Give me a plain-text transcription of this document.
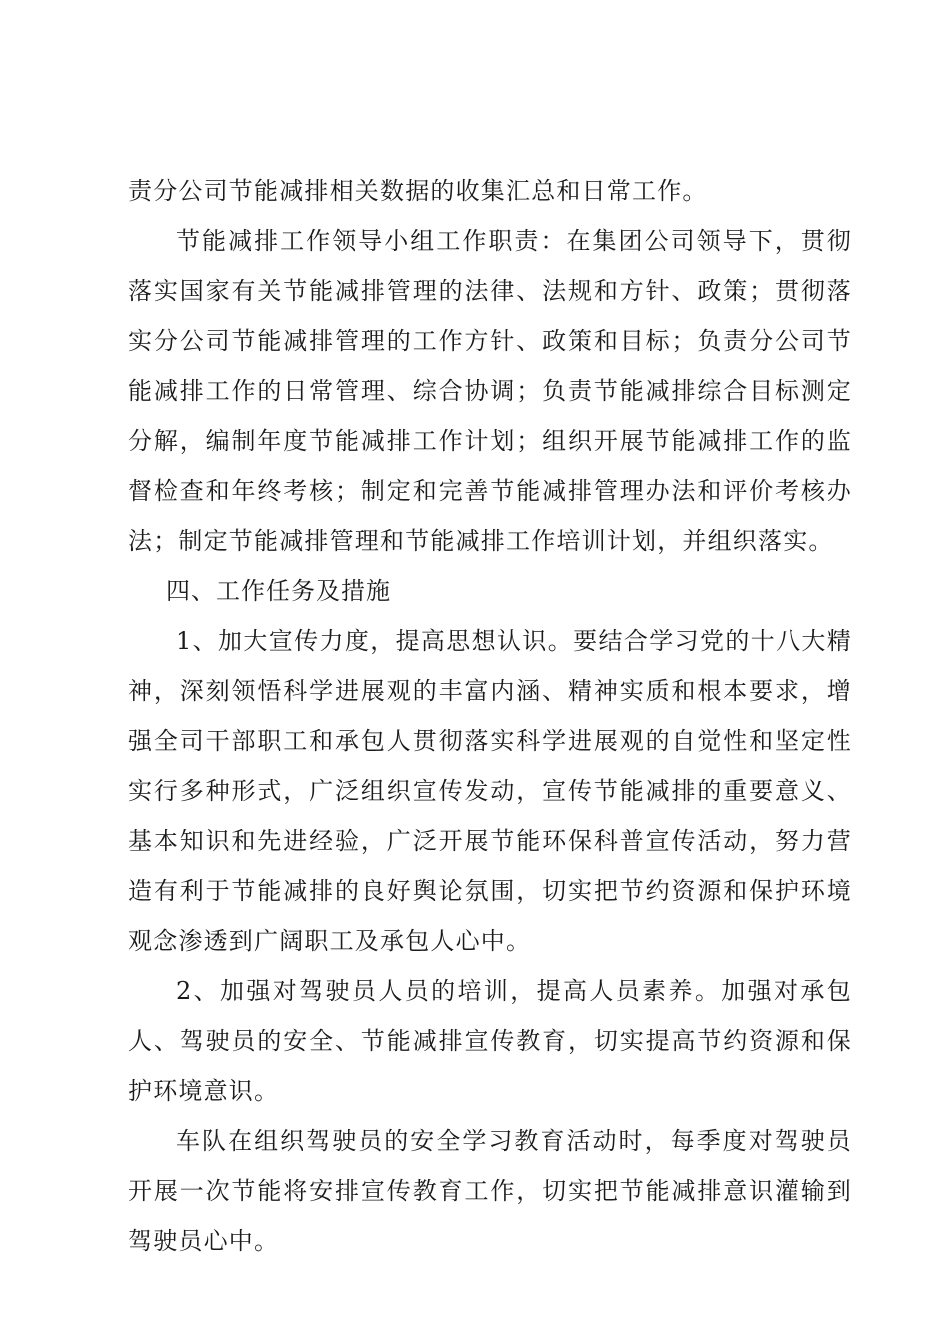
责分公司节能减排相关数据的收集汇总和日常工作。

节能减排工作领导小组工作职责：在集团公司领导下，贯彻落实国家有关节能减排管理的法律、法规和方针、政策；贯彻落实分公司节能减排管理的工作方针、政策和目标；负责分公司节能减排工作的日常管理、综合协调；负责节能减排综合目标测定分解，编制年度节能减排工作计划；组织开展节能减排工作的监督检查和年终考核；制定和完善节能减排管理办法和评价考核办法；制定节能减排管理和节能减排工作培训计划，并组织落实。

四、工作任务及措施

1、加大宣传力度，提高思想认识。要结合学习党的十八大精神，深刻领悟科学进展观的丰富内涵、精神实质和根本要求，增强全司干部职工和承包人贯彻落实科学进展观的自觉性和坚定性实行多种形式，广泛组织宣传发动，宣传节能减排的重要意义、基本知识和先进经验，广泛开展节能环保科普宣传活动，努力营造有利于节能减排的良好舆论氛围，切实把节约资源和保护环境观念渗透到广阔职工及承包人心中。

2、加强对驾驶员人员的培训，提高人员素养。加强对承包人、驾驶员的安全、节能减排宣传教育，切实提高节约资源和保护环境意识。

车队在组织驾驶员的安全学习教育活动时，每季度对驾驶员开展一次节能将安排宣传教育工作，切实把节能减排意识灌输到驾驶员心中。
